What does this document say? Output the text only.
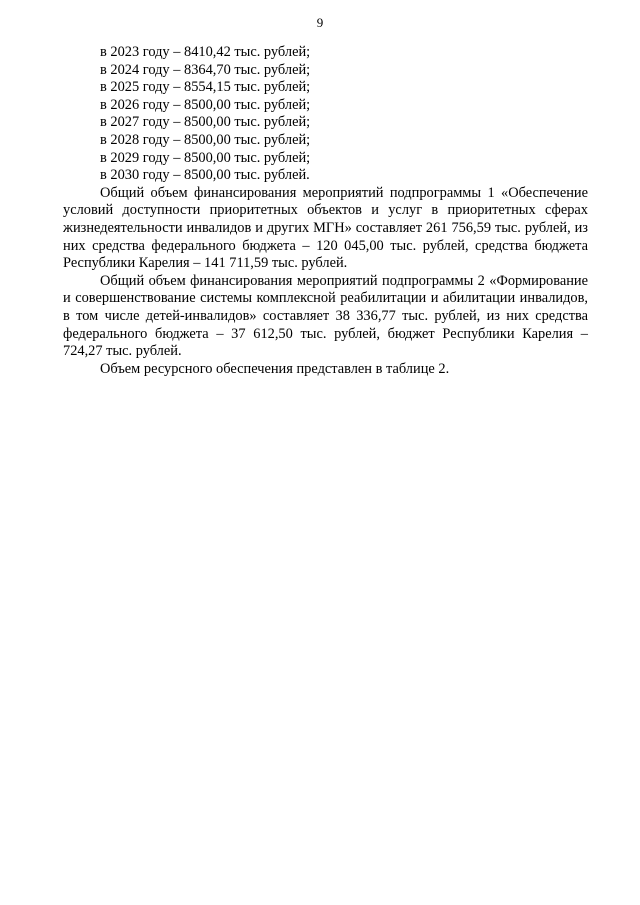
9
в 2023 году – 8410,42 тыс. рублей;
в 2024 году – 8364,70 тыс. рублей;
в 2025 году – 8554,15 тыс. рублей;
в 2026 году – 8500,00 тыс. рублей;
в 2027 году – 8500,00 тыс. рублей;
в 2028 году – 8500,00 тыс. рублей;
в 2029 году – 8500,00 тыс. рублей;
в 2030 году – 8500,00 тыс. рублей.

Общий объем финансирования мероприятий подпрограммы 1 «Обеспечение условий доступности приоритетных объектов и услуг в приоритетных сферах жизнедеятельности инвалидов и других МГН» составляет 261 756,59 тыс. рублей, из них средства федерального бюджета – 120 045,00 тыс. рублей, средства бюджета Республики Карелия – 141 711,59 тыс. рублей.

Общий объем финансирования мероприятий подпрограммы 2 «Формирование и совершенствование системы комплексной реабилитации и абилитации инвалидов, в том числе детей-инвалидов» составляет 38 336,77 тыс. рублей, из них средства федерального бюджета – 37 612,50 тыс. рублей, бюджет Республики Карелия – 724,27 тыс. рублей.

Объем ресурсного обеспечения представлен в таблице 2.
